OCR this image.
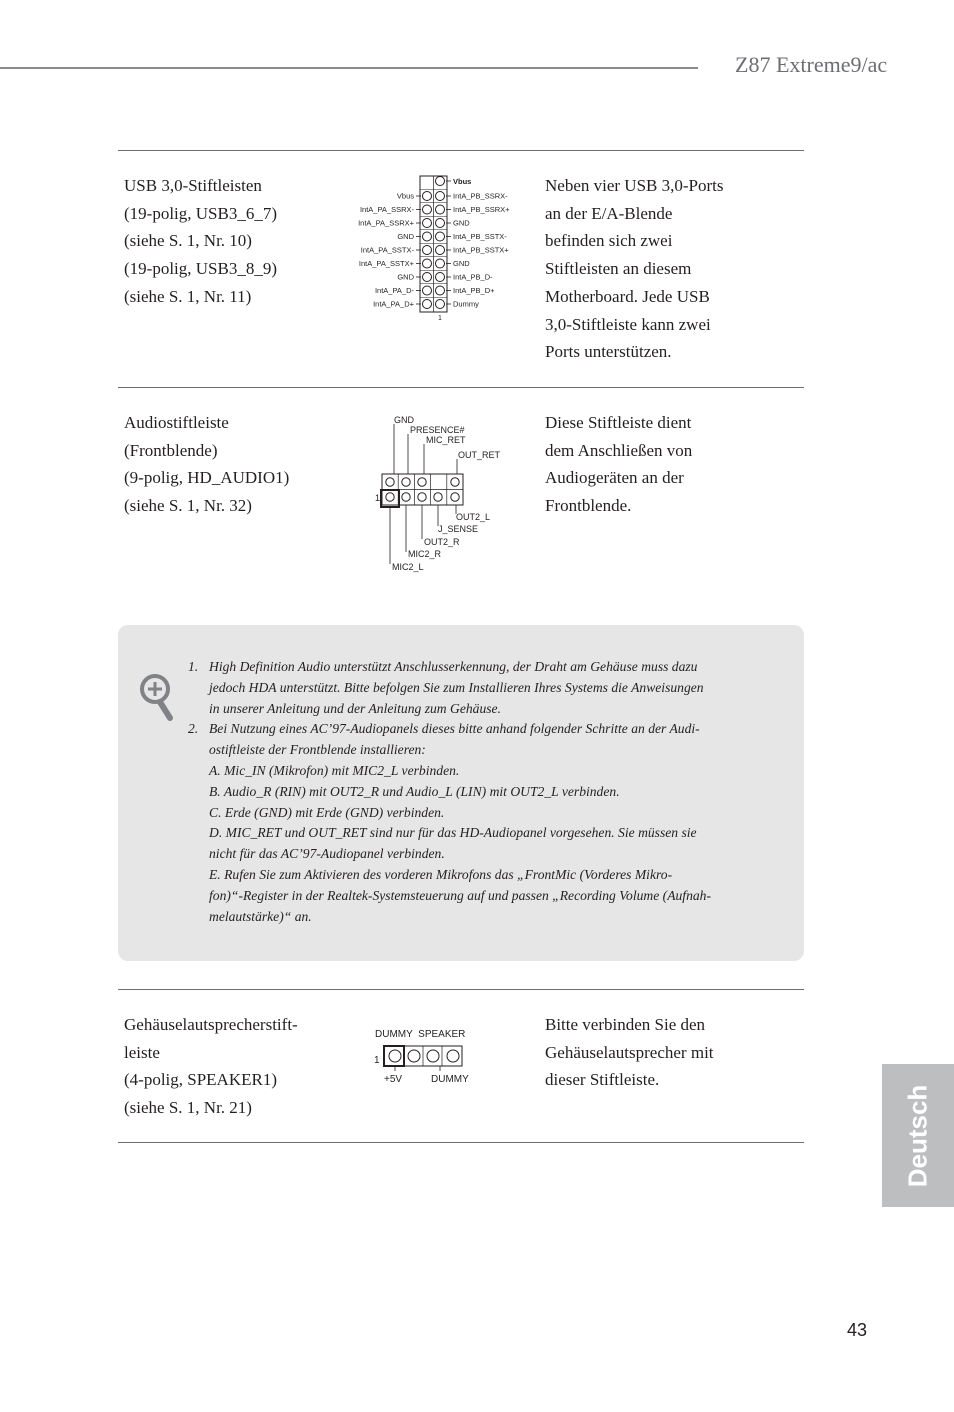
Z87 Extreme9/ac
USB 3,0-Stiftleisten
(19-polig, USB3_6_7)
(siehe S. 1, Nr. 10)
(19-polig, USB3_8_9)
(siehe S. 1, Nr. 11)
Neben vier USB 3,0-Ports
an der E/A-Blende
befinden sich zwei
Stiftleisten an diesem
Motherboard. Jede USB
3,0-Stiftleiste kann zwei
Ports unterstützen.
Vbus
Vbus	IntA_PB_SSRX-
IntA_PA_SSRX-	IntA_PB_SSRX+
IntA_PA_SSRX+	GND
GND	IntA_PB_SSTX-
IntA_PA_SSTX-	IntA_PB_SSTX+
IntA_PA_SSTX+	GND
GND	IntA_PB_D-
IntA_PA_D-	IntA_PB_D+
IntA_PA_D+	Dummy
1
Audiostiftleiste
(Frontblende)
(9-polig, HD_AUDIO1)
(siehe S. 1, Nr. 32)
Diese Stiftleiste dient
dem Anschließen von
Audiogeräten an der
Frontblende.
GND
PRESENCE#
MIC_RET
OUT_RET
OUT2_L
J_SENSE
OUT2_R
MIC2_R
MIC2_L
1
1. High Definition Audio unterstützt Anschlusserkennung, der Draht am Gehäuse muss dazu
jedoch HDA unterstützt. Bitte befolgen Sie zum Installieren Ihres Systems die Anweisungen
in unserer Anleitung und der Anleitung zum Gehäuse.
2. Bei Nutzung eines AC’97-Audiopanels dieses bitte anhand folgender Schritte an der Audi-
ostiftleiste der Frontblende installieren:
A. Mic_IN (Mikrofon) mit MIC2_L verbinden.
B. Audio_R (RIN) mit OUT2_R und Audio_L (LIN) mit OUT2_L verbinden.
C. Erde (GND) mit Erde (GND) verbinden.
D. MIC_RET und OUT_RET sind nur für das HD-Audiopanel vorgesehen. Sie müssen sie
nicht für das AC’97-Audiopanel verbinden.
E. Rufen Sie zum Aktivieren des vorderen Mikrofons das „FrontMic (Vorderes Mikro-
fon)“-Register in der Realtek-Systemsteuerung auf und passen „Recording Volume (Aufnah-
melautstärke)“ an.
Gehäuselautsprecherstift-
leiste
(4-polig, SPEAKER1)
(siehe S. 1, Nr. 21)
Bitte verbinden Sie den
Gehäuselautsprecher mit
dieser Stiftleiste.
DUMMY  SPEAKER
1
+5V	DUMMY
Deutsch
43
